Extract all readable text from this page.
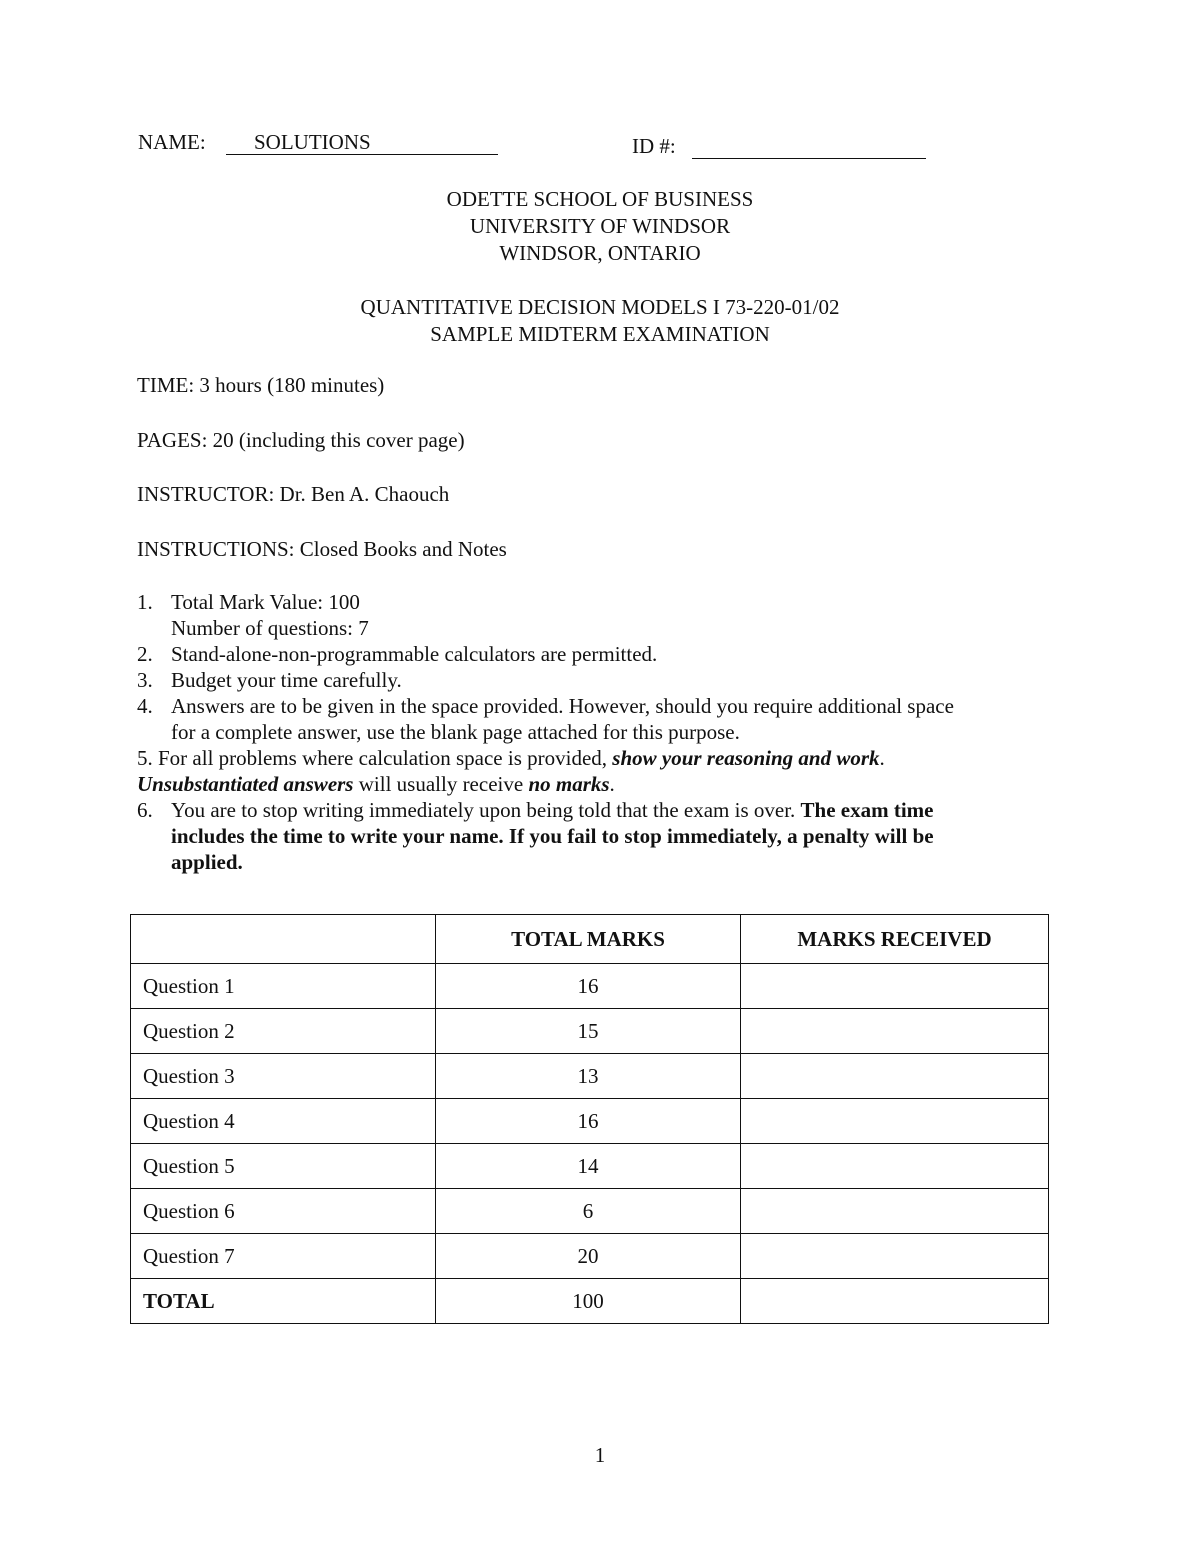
NAME: SOLUTIONS	ID #:
ODETTE SCHOOL OF BUSINESS
UNIVERSITY OF WINDSOR
WINDSOR, ONTARIO
QUANTITATIVE DECISION MODELS I 73-220-01/02
SAMPLE MIDTERM EXAMINATION
TIME: 3 hours (180 minutes)
PAGES: 20 (including this cover page)
INSTRUCTOR: Dr. Ben A. Chaouch
INSTRUCTIONS: Closed Books and Notes
1. Total Mark Value: 100
Number of questions: 7
2. Stand-alone-non-programmable calculators are permitted.
3. Budget your time carefully.
4. Answers are to be given in the space provided. However, should you require additional space
for a complete answer, use the blank page attached for this purpose.
5. For all problems where calculation space is provided, show your reasoning and work.
Unsubstantiated answers will usually receive no marks.
6. You are to stop writing immediately upon being told that the exam is over. The exam time
includes the time to write your name. If you fail to stop immediately, a penalty will be
applied.
	TOTAL MARKS	MARKS RECEIVED
Question 1	16	
Question 2	15	
Question 3	13	
Question 4	16	
Question 5	14	
Question 6	6	
Question 7	20	
TOTAL	100	
1
